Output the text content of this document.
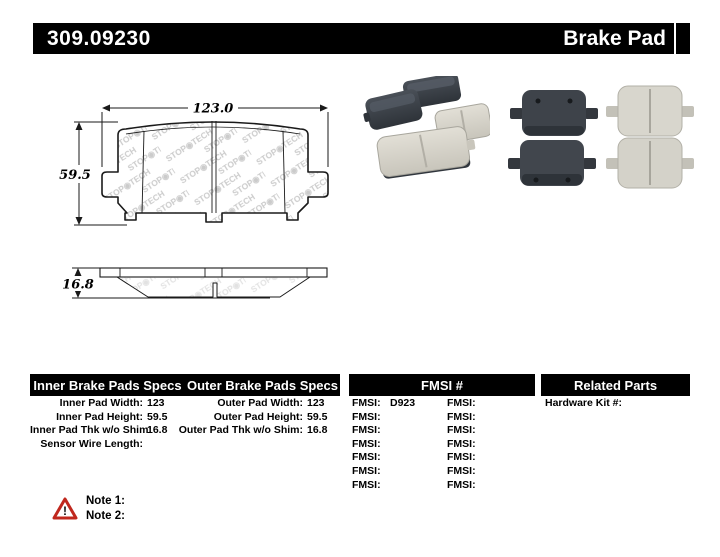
309.09230	Brake Pad
123.0
59.5
16.8
Inner Brake Pads Specs Outer Brake Pads Specs	FMSI #	Related Parts
Inner Pad Width: 123
Inner Pad Height: 59.5
Inner Pad Thk w/o Shim:
16.8
Sensor Wire Length:
Outer Pad Width: 123
Outer Pad Height: 59.5
Outer Pad Thk w/o Shim: 16.8
FMSI: D923
FMSI:
FMSI:
FMSI:
FMSI:
FMSI:
FMSI:
FMSI:
FMSI:
FMSI:
FMSI:
FMSI:
FMSI:
FMSI:
Hardware Kit #:
!
Note 1:
Note 2:
